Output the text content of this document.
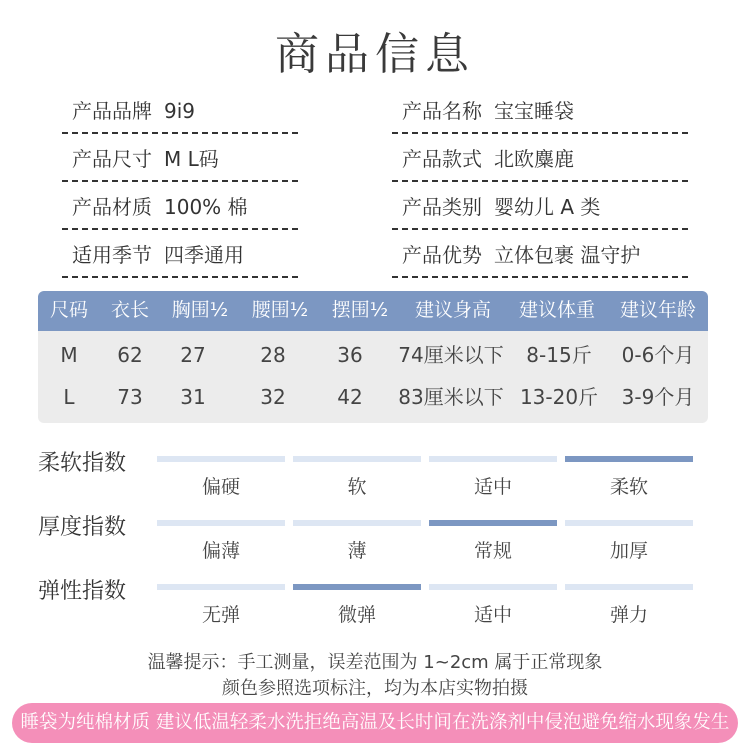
商品信息
产品品牌 9i9	产品名称 宝宝睡袋
产品尺寸 M L码	产品款式 北欧麋鹿
产品材质 100% 棉	产品类别 婴幼儿 A 类
适用季节 四季通用	产品优势 立体包裹 温守护
尺码	衣长	胸围½	腰围½	摆围½	建议身高	建议体重	建议年龄
M	62	27	28	36	74厘米以下	8-15斤	0-6个月
L	73	31	32	42	83厘米以下 13-20斤	3-9个月
柔软指数
偏硬	软	适中	柔软
厚度指数
偏薄	薄	常规	加厚
弹性指数
无弹	微弹	适中	弹力
温馨提示：手工测量，误差范围为 1~2cm 属于正常现象
颜色参照选项标注，均为本店实物拍摄
睡袋为纯棉材质 建议低温轻柔水洗拒绝高温及长时间在洗涤剂中侵泡避免缩水现象发生
